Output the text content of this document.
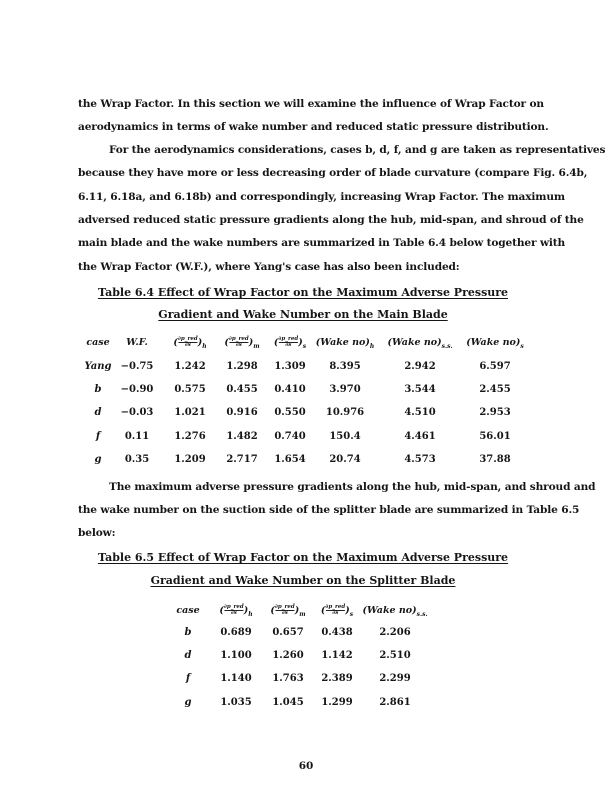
the Wrap Factor. In this section we will examine the influence of Wrap Factor on
aerodynamics in terms of wake number and reduced static pressure distribution.
For the aerodynamics considerations, cases b, d, f, and g are taken as representatives
because they have more or less decreasing order of blade curvature (compare Fig. 6.4b,
6.11, 6.18a, and 6.18b) and correspondingly, increasing Wrap Factor. The maximum
adversed reduced static pressure gradients along the hub, mid-span, and shroud of the
main blade and the wake numbers are summarized in Table 6.4 below together with
the Wrap Factor (W.F.), where Yang's case has also been included:
Table 6.4 Effect of Wrap Factor on the Maximum Adverse Pressure
Gradient and Wake Number on the Main Blade
case W.F.	( $\frac{\text{∂p\_red}}{\partial s} )_h$ ( $\frac{\text{∂p\_red}}{\partial s} )_m$ ( $\frac{\text{∂p\_red}}{\partial s} )_s$ (Wake $no)_h$ (Wake $no)_{s.s.}$ (Wake $no)_s$
Yang −0.75 1.242 1.298 1.309 8.395	2.942	6.597
b −0.90 0.575 0.455 0.410 3.970	3.544	2.455
d −0.03 1.021 0.916 0.550 10.976	4.510	2.953
f 0.11	1.276 1.482 0.740 150.4	4.461	56.01
g 0.35	1.209 2.717 1.654 20.74	4.573	37.88
The maximum adverse pressure gradients along the hub, mid-span, and shroud and
the wake number on the suction side of the splitter blade are summarized in Table 6.5
below:
Table 6.5 Effect of Wrap Factor on the Maximum Adverse Pressure
Gradient and Wake Number on the Splitter Blade
case ( $\frac{\text{∂p\_red}}{\partial s} )_h$ ( $\frac{\text{∂p\_red}}{\partial s} )_m$ ( $\frac{\text{∂p\_red}}{\partial s} )_s$ (Wake $no)_{s.s.}$
b	0.689 0.657 0.438	2.206
d	1.100 1.260 1.142	2.510
f	1.140 1.763 2.389	2.299
g	1.035 1.045 1.299	2.861
60
